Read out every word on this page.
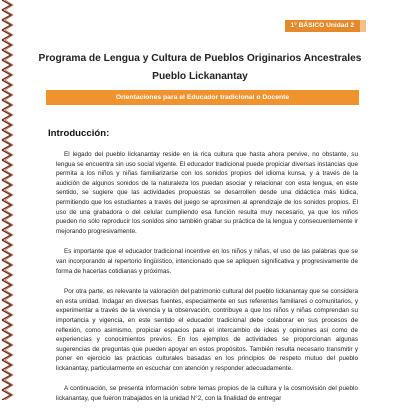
1° BÁSICO Unidad 2
Programa de Lengua y Cultura de Pueblos Originarios Ancestrales
Pueblo Lickanantay
Orientaciones para el Educador tradicional o Docente
Introducción:

El legado del pueblo lickanantay reside en la rica cultura que hasta ahora pervive, no obstante, su lengua se encuentra sin uso social vigente. El educador tradicional puede propiciar diversas instancias que permita a los niños y niñas familiarizarse con los sonidos propios del idioma kunsa, y a través de la audición de algunos sonidos de la naturaleza los puedan asociar y relacionar con esta lengua, en este sentido, se sugiere que las actividades propuestas se desarrollen desde una didáctica más lúdica, permitiendo que los estudiantes a través del juego se aproximen al aprendizaje de los sonidos propios. El uso de una grabadora o del celular cumpliendo esa función resulta muy necesario, ya que los niños pueden no sólo reproducir los sonidos sino también grabar su práctica de la lengua y consecuentemente ir mejorando progresivamente.

Es importante que el educador tradicional incentive en los niños y niñas, el uso de las palabras que se van incorporando al repertorio lingüístico, intencionado que se apliquen significativa y progresivamente de forma de hacerlas cotidianas y próximas.

Por otra parte, es relevante la valoración del patrimonio cultural del pueblo lickanantay que se considera en esta unidad. Indagar en diversas fuentes, especialmente en sus referentes familiares o comunitarios, y experimentar a través de la vivencia y la observación, contribuye a que los niños y niñas comprendan su importancia y vigencia, en este sentido el educador tradicional debe colaborar en sus procesos de reflexión, como asimismo, propiciar espacios para el intercambio de ideas y opiniones así como de experiencias y conocimientos previos. En los ejemplos de actividades se proporcionan algunas sugerencias de preguntas que pueden apoyar en estos propósitos. También resulta necesario transmitir y poner en ejercicio las prácticas culturales basadas en los principios de respeto mutuo del pueblo lickanantay, particularmente en escuchar con atención y responder adecuadamente.

A continuación, se presenta información sobre temas propios de la cultura y la cosmovisión del pueblo lickanantay, que fueron trabajados en la unidad N°2, con la finalidad de entregar
